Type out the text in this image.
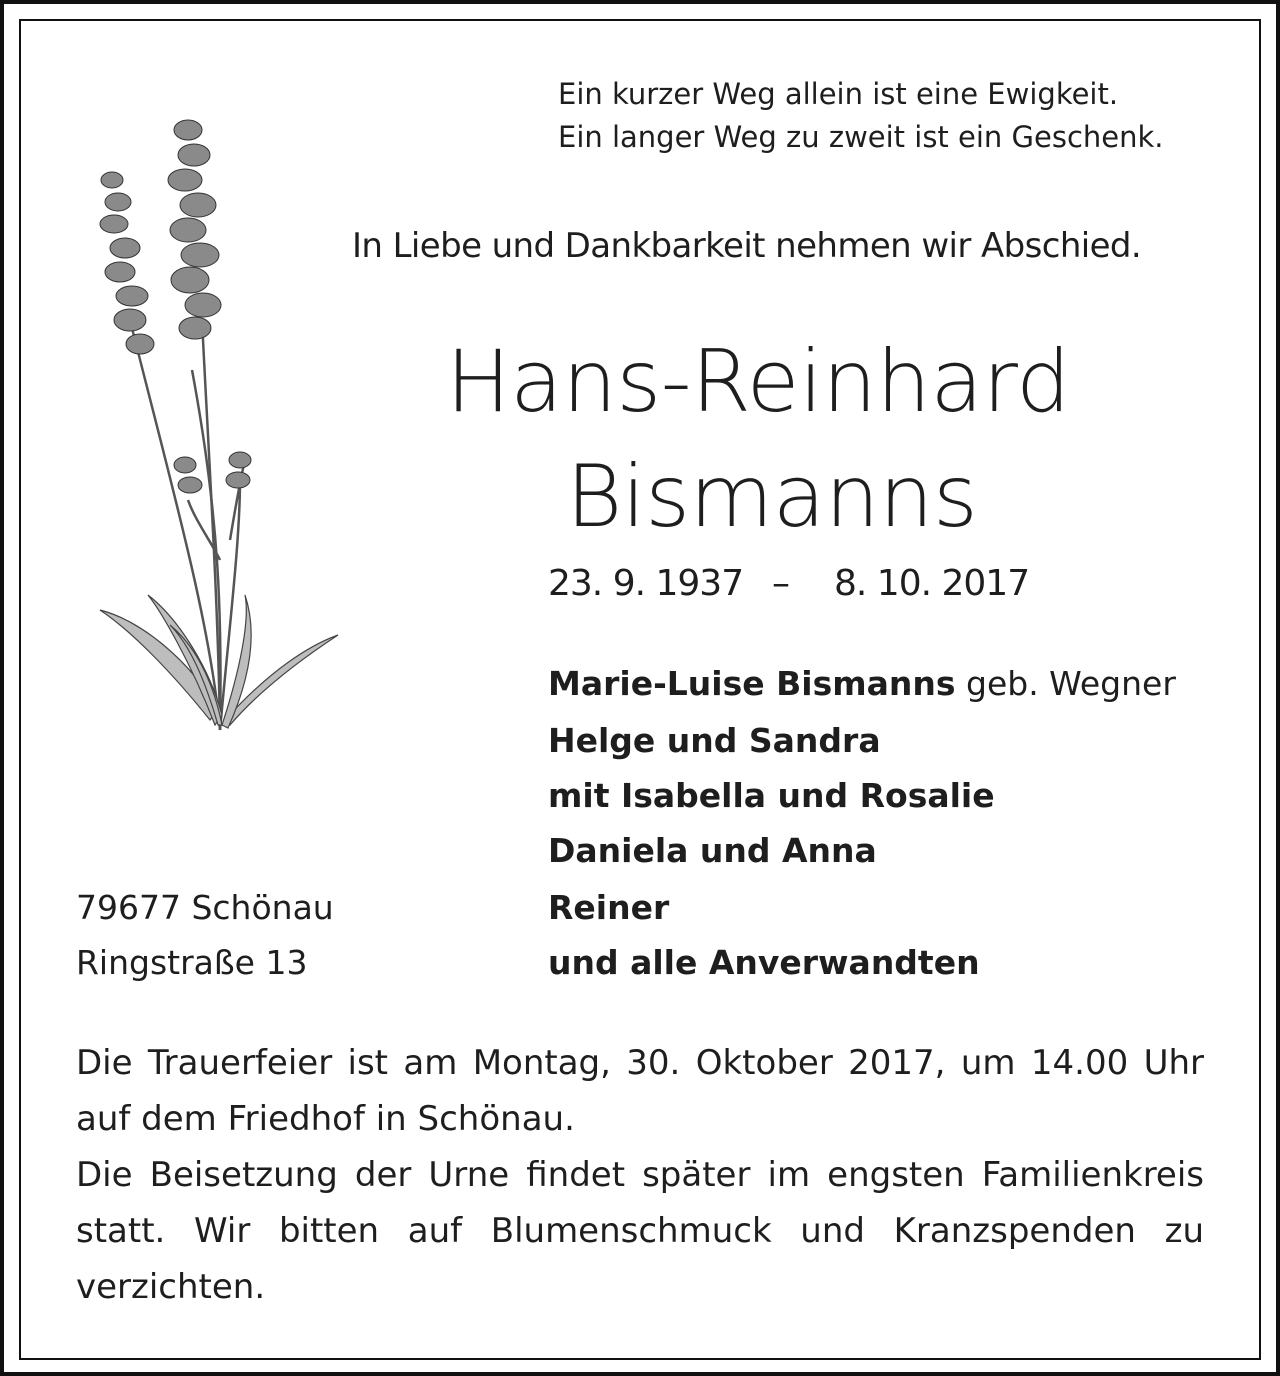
Ein kurzer Weg allein ist eine Ewigkeit.

Ein langer Weg zu zweit ist ein Geschenk.

In Liebe und Dankbarkeit nehmen wir Abschied.

Hans-Reinhard

Bismanns

23. 9. 1937 – 8. 10. 2017

Marie-Luise Bismanns geb. Wegner

Helge und Sandra

mit Isabella und Rosalie

Daniela und Anna

Reiner

und alle Anverwandten

79677 Schönau

Ringstraße 13

Die Trauerfeier ist am Montag, 30. Oktober 2017, um 14.00 Uhr auf dem Friedhof in Schönau.

Die Beisetzung der Urne findet später im engsten Familienkreis statt. Wir bitten auf Blumenschmuck und Kranzspenden zu verzichten.
